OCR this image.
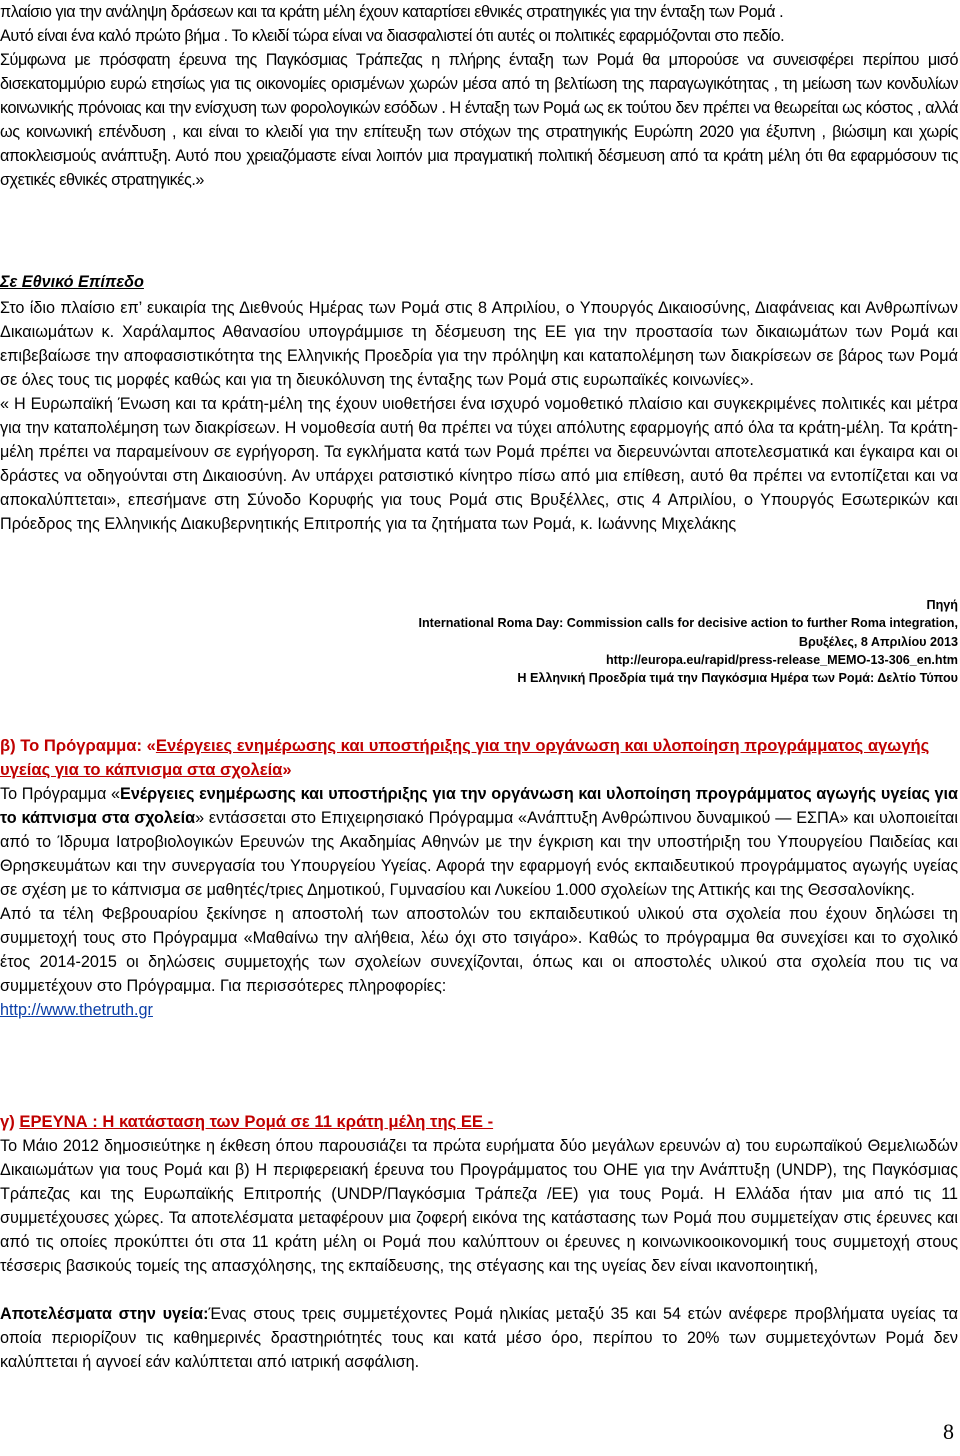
πλαίσιο για την ανάληψη δράσεων και τα κράτη μέλη έχουν καταρτίσει εθνικές στρατηγικές για την ένταξη των Ρομά .

Αυτό είναι ένα καλό πρώτο βήμα . Το κλειδί τώρα είναι να διασφαλιστεί ότι αυτές οι πολιτικές εφαρμόζονται στο πεδίο.

Σύμφωνα με πρόσφατη έρευνα της Παγκόσμιας Τράπεζας η πλήρης ένταξη των Ρομά θα μπορούσε να συνεισφέρει περίπου μισό δισεκατομμύριο ευρώ ετησίως για τις οικονομίες ορισμένων χωρών μέσα από τη βελτίωση της παραγωγικότητας , τη μείωση των κονδυλίων κοινωνικής πρόνοιας και την ενίσχυση των φορολογικών εσόδων . Η ένταξη των Ρομά ως εκ τούτου δεν πρέπει να θεωρείται ως κόστος , αλλά ως κοινωνική επένδυση , και είναι το κλειδί για την επίτευξη των στόχων της στρατηγικής Ευρώπη 2020 για έξυπνη , βιώσιμη και χωρίς αποκλεισμούς ανάπτυξη. Αυτό που χρειαζόμαστε είναι λοιπόν μια πραγματική πολιτική δέσμευση από τα κράτη μέλη ότι θα εφαρμόσουν τις σχετικές εθνικές στρατηγικές.»

Σε Εθνικό Επίπεδο

Στο ίδιο πλαίσιο επ’ ευκαιρία της Διεθνούς Ημέρας των Ρομά στις 8 Απριλίου, ο Υπουργός Δικαιοσύνης, Διαφάνειας και Ανθρωπίνων Δικαιωμάτων κ. Χαράλαμπος Αθανασίου υπογράμμισε τη δέσμευση της ΕΕ για την προστασία των δικαιωμάτων των Ρομά και επιβεβαίωσε την αποφασιστικότητα της Ελληνικής Προεδρία για την πρόληψη και καταπολέμηση των διακρίσεων σε βάρος των Ρομά σε όλες τους τις μορφές καθώς και για τη διευκόλυνση της ένταξης των Ρομά στις ευρωπαϊκές κοινωνίες».

« Η Ευρωπαϊκή Ένωση και τα κράτη-μέλη της έχουν υιοθετήσει ένα ισχυρό νομοθετικό πλαίσιο και συγκεκριμένες πολιτικές και μέτρα για την καταπολέμηση των διακρίσεων. Η νομοθεσία αυτή θα πρέπει να τύχει απόλυτης εφαρμογής από όλα τα κράτη-μέλη. Τα κράτη-μέλη πρέπει να παραμείνουν σε εγρήγορση. Τα εγκλήματα κατά των Ρομά πρέπει να διερευνώνται αποτελεσματικά και έγκαιρα και οι δράστες να οδηγούνται στη Δικαιοσύνη. Αν υπάρχει ρατσιστικό κίνητρο πίσω από μια επίθεση, αυτό θα πρέπει να εντοπίζεται και να αποκαλύπτεται», επεσήμανε στη Σύνοδο Κορυφής για τους Ρομά στις Βρυξέλλες, στις 4 Απριλίου, ο Υπουργός Εσωτερικών και Πρόεδρος της Ελληνικής Διακυβερνητικής Επιτροπής για τα ζητήματα των Ρομά, κ. Ιωάννης Μιχελάκης

Πηγή

International Roma Day: Commission calls for decisive action to further Roma integration,

Βρυξέλες, 8 Απριλίου 2013

http://europa.eu/rapid/press-release_MEMO-13-306_en.htm

Η Ελληνική Προεδρία τιμά την Παγκόσμια Ημέρα των Ρομά: Δελτίο Τύπου

β) Το Πρόγραμμα: «Ενέργειες ενημέρωσης και υποστήριξης για την οργάνωση και υλοποίηση προγράμματος αγωγής υγείας για το κάπνισμα στα σχολεία»

Το Πρόγραμμα «Ενέργειες ενημέρωσης και υποστήριξης για την οργάνωση και υλοποίηση προγράμματος αγωγής υγείας για το κάπνισμα στα σχολεία» εντάσσεται στο Επιχειρησιακό Πρόγραμμα «Ανάπτυξη Ανθρώπινου δυναμικού — ΕΣΠΑ» και υλοποιείται από το Ίδρυμα Ιατροβιολογικών Ερευνών της Ακαδημίας Αθηνών με την έγκριση και την υποστήριξη του Υπουργείου Παιδείας και Θρησκευμάτων και την συνεργασία του Υπουργείου Υγείας. Αφορά την εφαρμογή ενός εκπαιδευτικού προγράμματος αγωγής υγείας σε σχέση με το κάπνισμα σε μαθητές/τριες Δημοτικού, Γυμνασίου και Λυκείου 1.000 σχολείων της Αττικής και της Θεσσαλονίκης.

Από τα τέλη Φεβρουαρίου ξεκίνησε η αποστολή των αποστολών του εκπαιδευτικού υλικού στα σχολεία που έχουν δηλώσει τη συμμετοχή τους στο Πρόγραμμα «Μαθαίνω την αλήθεια, λέω όχι στο τσιγάρο». Καθώς το πρόγραμμα θα συνεχίσει και το σχολικό έτος 2014-2015 οι δηλώσεις συμμετοχής των σχολείων συνεχίζονται, όπως και οι αποστολές υλικού στα σχολεία που τις να συμμετέχουν στο Πρόγραμμα. Για περισσότερες πληροφορίες:
http://www.thetruth.gr

γ) ΕΡΕΥΝΑ : Η κατάσταση των Ρομά σε 11 κράτη μέλη της ΕΕ -

Το Μάιο 2012 δημοσιεύτηκε η έκθεση όπου παρουσιάζει τα πρώτα ευρήματα δύο μεγάλων ερευνών α) του ευρωπαϊκού Θεμελιωδών Δικαιωμάτων για τους Ρομά και β) Η περιφερειακή έρευνα του Προγράμματος του ΟΗΕ για την Ανάπτυξη (UNDP), της Παγκόσμιας Τράπεζας και της Ευρωπαϊκής Επιτροπής (UNDP/Παγκόσμια Τράπεζα /ΕΕ) για τους Ρομά. Η Ελλάδα ήταν μια από τις 11 συμμετέχουσες χώρες. Τα αποτελέσματα μεταφέρουν μια ζοφερή εικόνα της κατάστασης των Ρομά που συμμετείχαν στις έρευνες και από τις οποίες προκύπτει ότι στα 11 κράτη μέλη οι Ρομά που καλύπτουν οι έρευνες η κοινωνικοοικονομική τους συμμετοχή στους τέσσερις βασικούς τομείς της απασχόλησης, της εκπαίδευσης, της στέγασης και της υγείας δεν είναι ικανοποιητική,

Αποτελέσματα στην υγεία:Ένας στους τρεις συμμετέχοντες Ρομά ηλικίας μεταξύ 35 και 54 ετών ανέφερε προβλήματα υγείας τα οποία περιορίζουν τις καθημερινές δραστηριότητές τους και κατά μέσο όρο, περίπου το 20% των συμμετεχόντων Ρομά δεν καλύπτεται ή αγνοεί εάν καλύπτεται από ιατρική ασφάλιση.

8
